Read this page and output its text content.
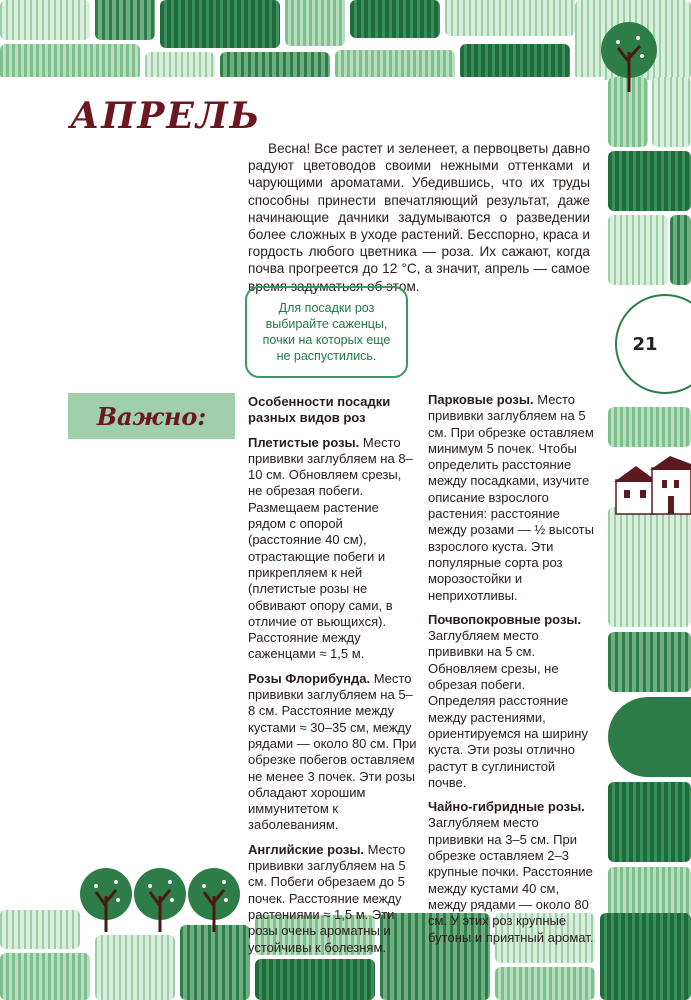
АПРЕЛЬ

Весна! Все растет и зеленеет, а первоцветы давно радуют цветоводов своими нежными оттенками и чарующими ароматами. Убедившись, что их труды способны принести впечатляющий результат, даже начинающие дачники задумываются о разведении более сложных в уходе растений. Бесспорно, краса и гордость любого цветника — роза. Их сажают, когда почва прогреется до 12 °С, а значит, апрель — самое время задуматься об этом.

Для посадки роз выбирайте саженцы, почки на которых еще не распустились.

21
Важно:	Особенности посадки разных видов роз

Плетистые розы. Место прививки заглубляем на 8–10 см. Обновляем срезы, не обрезая побеги. Размещаем растение рядом с опорой (расстояние 40 см), отрастающие побеги и прикрепляем к ней (плетистые розы не обвивают опору сами, в отличие от вьющихся). Расстояние между саженцами ≈ 1,5 м.

Розы Флорибунда. Место прививки заглубляем на 5–8 см. Расстояние между кустами ≈ 30–35 см, между рядами — около 80 см. При обрезке побегов оставляем не менее 3 почек. Эти розы обладают хорошим иммунитетом к заболеваниям.

Английские розы. Место прививки заглубляем на 5 см. Побеги обрезаем до 5 почек. Расстояние между растениями ≈ 1,5 м. Эти розы очень ароматны и устойчивы к болезням.

Парковые розы. Место прививки заглубляем на 5 см. При обрезке оставляем минимум 5 почек. Чтобы определить расстояние между посадками, изучите описание взрослого растения: расстояние между розами — ½ высоты взрослого куста. Эти популярные сорта роз морозостойки и неприхотливы.

Почвопокровные розы.
Заглубляем место прививки на 5 см. Обновляем срезы, не обрезая побеги. Определяя расстояние между растениями, ориентируемся на ширину куста. Эти розы отлично растут в суглинистой почве.

Чайно-гибридные розы.
Заглубляем место прививки на 3–5 см. При обрезке оставляем 2–3 крупные почки. Расстояние между кустами 40 см, между рядами — около 80 см. У этих роз крупные бутоны и приятный аромат.
